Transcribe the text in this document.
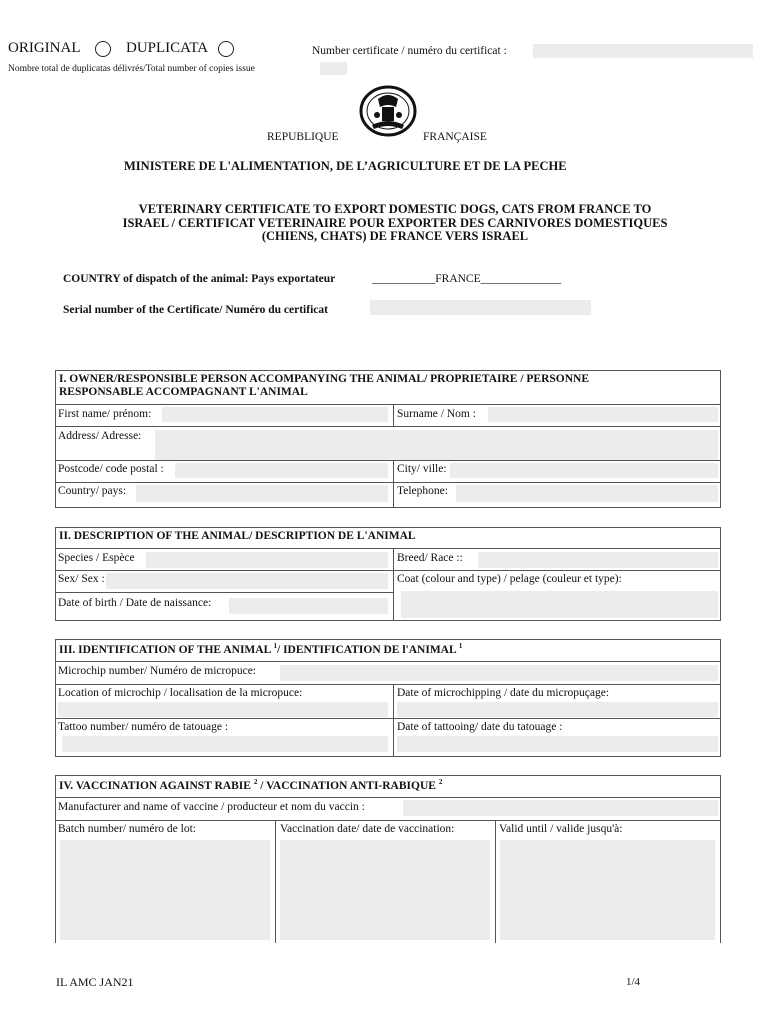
ORIGINAL	DUPLICATA	Number certificate / numéro du certificat :
Nombre total de duplicatas délivrés/Total number of copies issue
REPUBLIQUE	FRANÇAISE
MINISTERE DE L'ALIMENTATION, DE L’AGRICULTURE ET DE LA PECHE
VETERINARY CERTIFICATE TO EXPORT DOMESTIC DOGS, CATS FROM FRANCE TO
ISRAEL / CERTIFICAT VETERINAIRE POUR EXPORTER DES CARNIVORES DOMESTIQUES
(CHIENS, CHATS) DE FRANCE VERS ISRAEL
COUNTRY of dispatch of the animal: Pays exportateur	___________FRANCE______________
Serial number of the Certificate/ Numéro du certificat
I. OWNER/RESPONSIBLE PERSON ACCOMPANYING THE ANIMAL/ PROPRIETAIRE / PERSONNE
RESPONSABLE ACCOMPAGNANT L'ANIMAL
First name/ prénom:	Surname / Nom :
Address/ Adresse:
Postcode/ code postal :	City/ ville:
Country/ pays:	Telephone:
II. DESCRIPTION OF THE ANIMAL/ DESCRIPTION DE L'ANIMAL
Species / Espèce	Breed/ Race ::
Sex/ Sex :	Coat (colour and type) / pelage (couleur et type):
Date of birth / Date de naissance:
III. IDENTIFICATION OF THE ANIMAL $^1$/ IDENTIFICATION DE l'ANIMAL $^1$
Microchip number/ Numéro de micropuce:
Location of microchip / localisation de la micropuce:	Date of microchipping / date du micropuçage:
Tattoo number/ numéro de tatouage :	Date of tattooing/ date du tatouage :
IV. VACCINATION AGAINST RABIE $^2$ / VACCINATION ANTI-RABIQUE $^2$
Manufacturer and name of vaccine / producteur et nom du vaccin :
Batch number/ numéro de lot:	Vaccination date/ date de vaccination:	Valid until / valide jusqu'à:
IL AMC JAN21	1/4
